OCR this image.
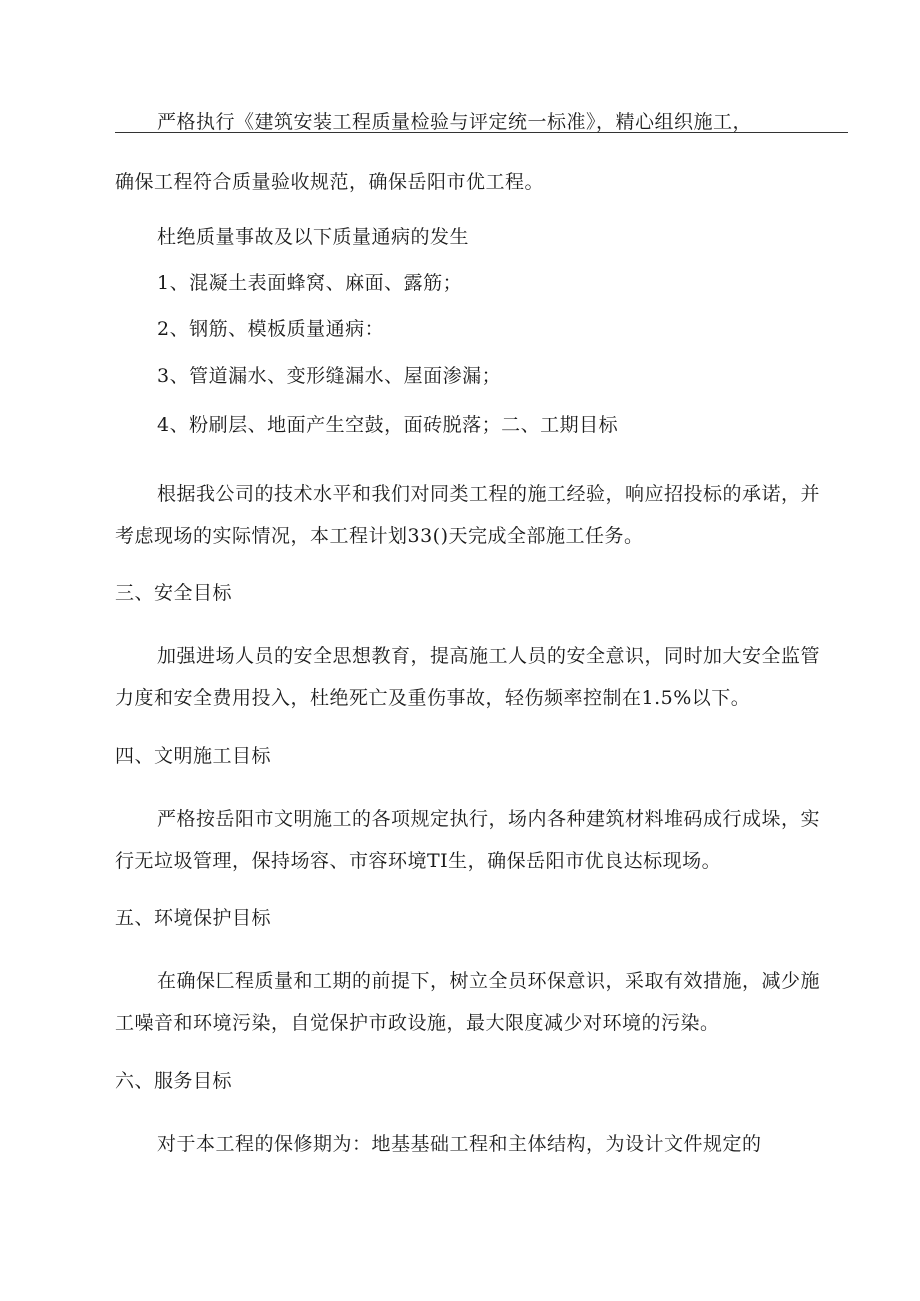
严格执行《建筑安装工程质量检验与评定统一标准》，精心组织施工，
确保工程符合质量验收规范，确保岳阳市优工程。
杜绝质量事故及以下质量通病的发生
1、混凝土表面蜂窝、麻面、露筋；
2、钢筋、模板质量通病：
3、管道漏水、变形缝漏水、屋面渗漏；
4、粉刷层、地面产生空鼓，面砖脱落；二、工期目标
根据我公司的技术水平和我们对同类工程的施工经验，响应招投标的承诺，并
考虑现场的实际情况，本工程计划33()天完成全部施工任务。
三、安全目标
加强进场人员的安全思想教育，提高施工人员的安全意识，同时加大安全监管
力度和安全费用投入，杜绝死亡及重伤事故，轻伤频率控制在1.5%以下。
四、文明施工目标
严格按岳阳市文明施工的各项规定执行，场内各种建筑材料堆码成行成垛，实
行无垃圾管理，保持场容、市容环境TI生，确保岳阳市优良达标现场。
五、环境保护目标
在确保匚程质量和工期的前提下，树立全员环保意识，采取有效措施，减少施
工噪音和环境污染，自觉保护市政设施，最大限度减少对环境的污染。
六、服务目标
对于本工程的保修期为：地基基础工程和主体结构，为设计文件规定的
